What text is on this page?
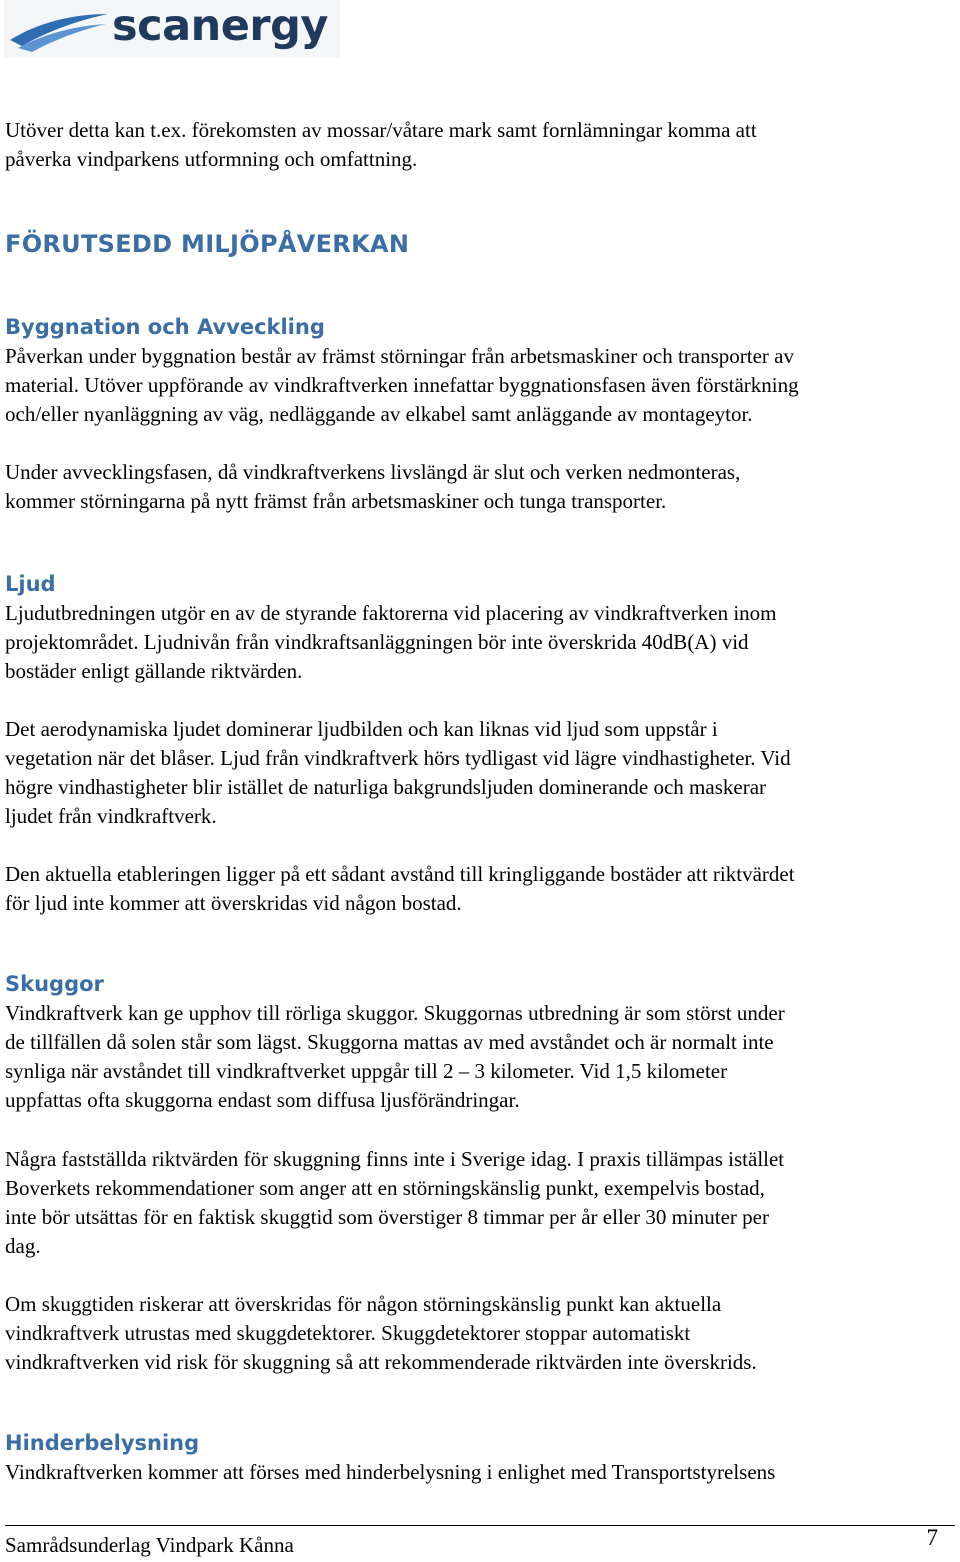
scanergy
Utöver detta kan t.ex. förekomsten av mossar/våtare mark samt fornlämningar komma att
påverka vindparkens utformning och omfattning.
FÖRUTSEDD MILJÖPÅVERKAN
Byggnation och Avveckling
Påverkan under byggnation består av främst störningar från arbetsmaskiner och transporter av
material. Utöver uppförande av vindkraftverken innefattar byggnationsfasen även förstärkning
och/eller nyanläggning av väg, nedläggande av elkabel samt anläggande av montageytor.
Under avvecklingsfasen, då vindkraftverkens livslängd är slut och verken nedmonteras,
kommer störningarna på nytt främst från arbetsmaskiner och tunga transporter.
Ljud
Ljudutbredningen utgör en av de styrande faktorerna vid placering av vindkraftverken inom
projektområdet. Ljudnivån från vindkraftsanläggningen bör inte överskrida 40dB(A) vid
bostäder enligt gällande riktvärden.
Det aerodynamiska ljudet dominerar ljudbilden och kan liknas vid ljud som uppstår i
vegetation när det blåser. Ljud från vindkraftverk hörs tydligast vid lägre vindhastigheter. Vid
högre vindhastigheter blir istället de naturliga bakgrundsljuden dominerande och maskerar
ljudet från vindkraftverk.
Den aktuella etableringen ligger på ett sådant avstånd till kringliggande bostäder att riktvärdet
för ljud inte kommer att överskridas vid någon bostad.
Skuggor
Vindkraftverk kan ge upphov till rörliga skuggor. Skuggornas utbredning är som störst under
de tillfällen då solen står som lägst. Skuggorna mattas av med avståndet och är normalt inte
synliga när avståndet till vindkraftverket uppgår till 2 – 3 kilometer. Vid 1,5 kilometer
uppfattas ofta skuggorna endast som diffusa ljusförändringar.
Några fastställda riktvärden för skuggning finns inte i Sverige idag. I praxis tillämpas istället
Boverkets rekommendationer som anger att en störningskänslig punkt, exempelvis bostad,
inte bör utsättas för en faktisk skuggtid som överstiger 8 timmar per år eller 30 minuter per
dag.
Om skuggtiden riskerar att överskridas för någon störningskänslig punkt kan aktuella
vindkraftverk utrustas med skuggdetektorer. Skuggdetektorer stoppar automatiskt
vindkraftverken vid risk för skuggning så att rekommenderade riktvärden inte överskrids.
Hinderbelysning
Vindkraftverken kommer att förses med hinderbelysning i enlighet med Transportstyrelsens
Samrådsunderlag Vindpark Kånna	7
